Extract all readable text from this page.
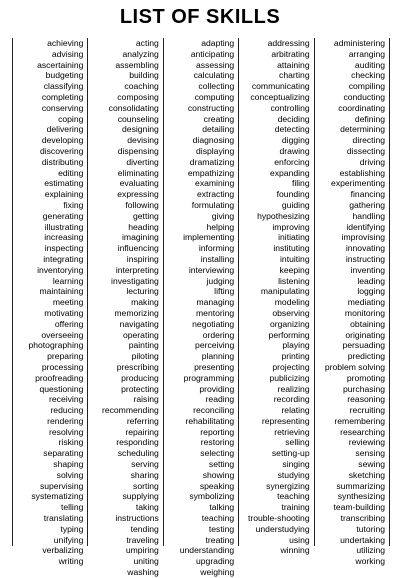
LIST OF SKILLS
achieving
advising
ascertaining
budgeting
classifying
completing
conserving
coping
delivering
developing
discovering
distributing
editing
estimating
explaining
fixing
generating
illustrating
increasing
inspecting
integrating
inventorying
learning
maintaining
meeting
motivating
offering
overseeing
photographing
preparing
processing
proofreading
questioning
receiving
reducing
rendering
resolving
risking
separating
shaping
solving
supervising
systematizing
telling
translating
typing
unifying
verbalizing
writing
acting
analyzing
assembling
building
coaching
composing
consolidating
counseling
designing
devising
dispensing
diverting
eliminating
evaluating
expressing
following
getting
heading
imagining
influencing
inspiring
interpreting
investigating
lecturing
making
memorizing
navigating
operating
painting
piloting
prescribing
producing
protecting
raising
recommending
referring
repairing
responding
scheduling
serving
sharing
sorting
supplying
taking
instructions
tending
traveling
umpiring
uniting
washing
adapting
anticipating
assessing
calculating
collecting
computing
constructing
creating
detailing
diagnosing
displaying
dramatizing
empathizing
examining
extracting
formulating
giving
helping
implementing
informing
installing
interviewing
judging
lifting
managing
mentoring
negotiating
ordering
perceiving
planning
presenting
programming
providing
reading
reconciling
rehabilitating
reporting
restoring
selecting
setting
showing
speaking
symbolizing
talking
teaching
testing
treating
understanding
upgrading
weighing
addressing
arbitrating
attaining
charting
communicating
conceptualizing
controlling
deciding
detecting
digging
drawing
enforcing
expanding
filing
founding
guiding
hypothesizing
improving
initiating
instituting
intuiting
keeping
listening
manipulating
modeling
observing
organizing
performing
playing
printing
projecting
publicizing
realizing
recording
relating
representing
retrieving
selling
setting-up
singing
studying
synergizing
teaching
training
trouble-shooting
understudying
using
winning
administering
arranging
auditing
checking
compiling
conducting
coordinating
defining
determining
directing
dissecting
driving
establishing
experimenting
financing
gathering
handling
identifying
improvising
innovating
instructing
inventing
leading
logging
mediating
monitoring
obtaining
originating
persuading
predicting
problem solving
promoting
purchasing
reasoning
recruiting
remembering
researching
reviewing
sensing
sewing
sketching
summarizing
synthesizing
team-building
transcribing
tutoring
undertaking
utilizing
working
